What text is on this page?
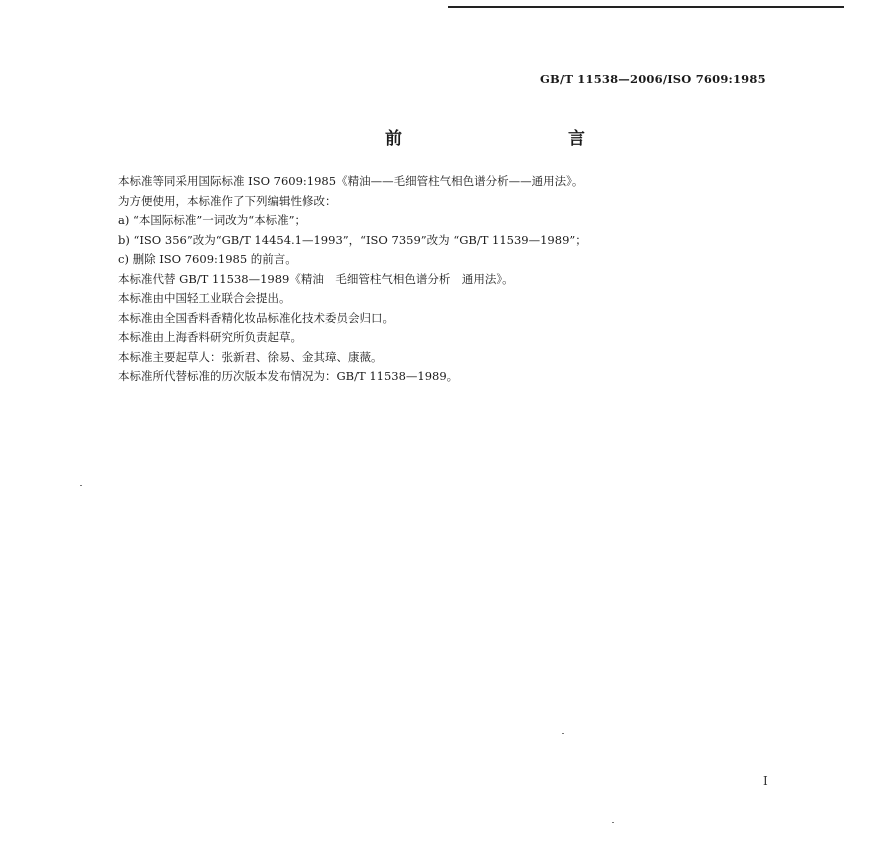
GB/T 11538—2006/ISO 7609:1985
前　　言
本标准等同采用国际标准 ISO 7609:1985《精油——毛细管柱气相色谱分析——通用法》。
为方便使用，本标准作了下列编辑性修改：
a) “本国际标准”一词改为“本标准”；
b) “ISO 356”改为“GB/T 14454.1—1993”，“ISO 7359”改为 “GB/T 11539—1989”；
c) 删除 ISO 7609:1985 的前言。
本标准代替 GB/T 11538—1989《精油　毛细管柱气相色谱分析　通用法》。
本标准由中国轻工业联合会提出。
本标准由全国香料香精化妆品标准化技术委员会归口。
本标准由上海香料研究所负责起草。
本标准主要起草人：张新君、徐易、金其璋、康薇。
本标准所代替标准的历次版本发布情况为：GB/T 11538—1989。
I
